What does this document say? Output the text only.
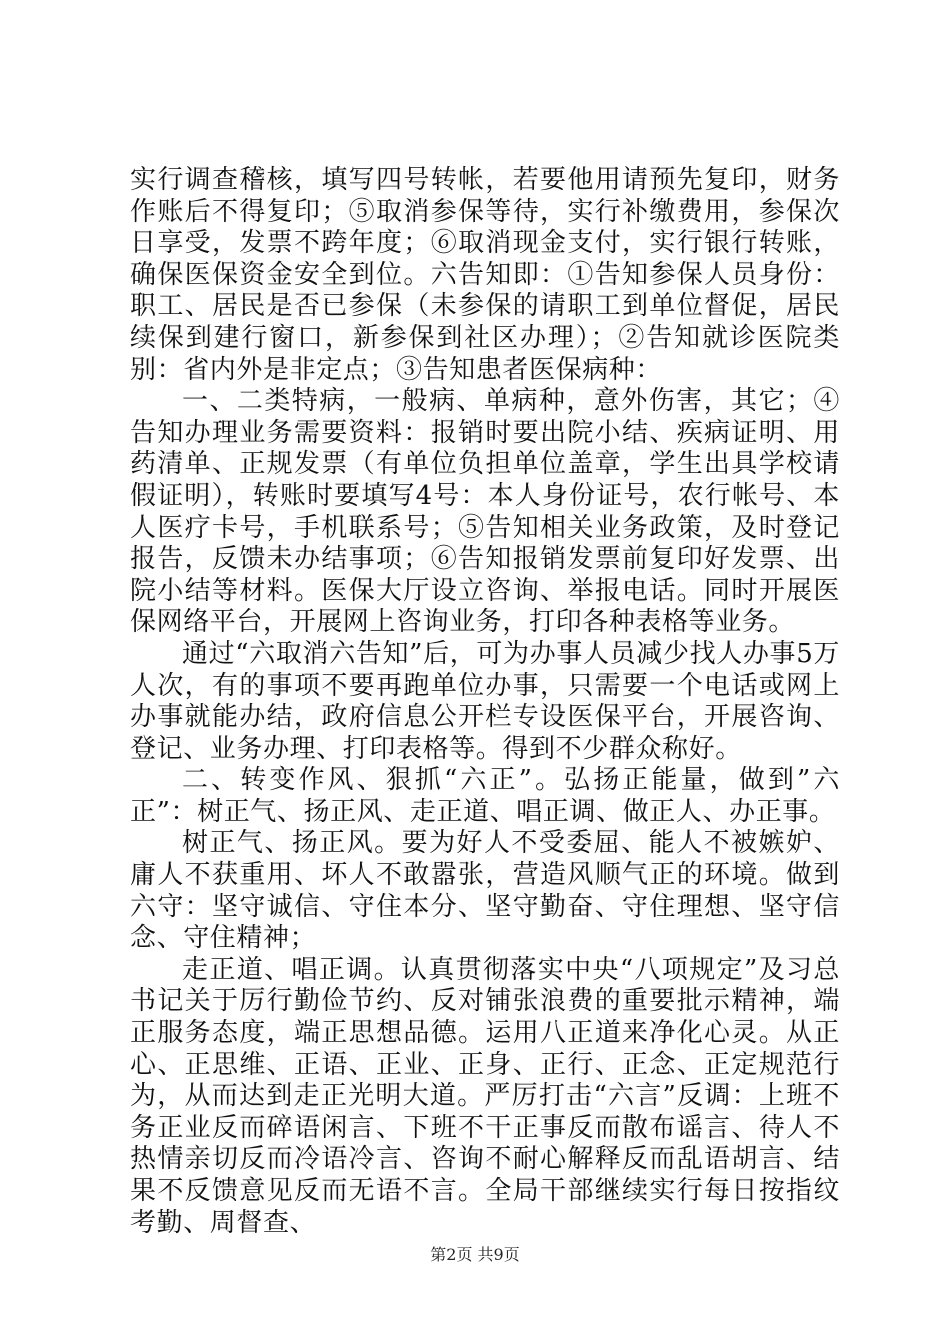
实行调查稽核，填写四号转帐，若要他用请预先复印，财务作账后不得复印；⑤取消参保等待，实行补缴费用，参保次日享受，发票不跨年度；⑥取消现金支付，实行银行转账，确保医保资金安全到位。六告知即：①告知参保人员身份：职工、居民是否已参保（未参保的请职工到单位督促，居民续保到建行窗口，新参保到社区办理）；②告知就诊医院类别：省内外是非定点；③告知患者医保病种：

一、二类特病，一般病、单病种，意外伤害，其它；④告知办理业务需要资料：报销时要出院小结、疾病证明、用药清单、正规发票（有单位负担单位盖章，学生出具学校请假证明），转账时要填写4号：本人身份证号，农行帐号、本人医疗卡号，手机联系号；⑤告知相关业务政策，及时登记报告，反馈未办结事项；⑥告知报销发票前复印好发票、出院小结等材料。医保大厅设立咨询、举报电话。同时开展医保网络平台，开展网上咨询业务，打印各种表格等业务。

通过“六取消六告知”后，可为办事人员减少找人办事5万人次，有的事项不要再跑单位办事，只需要一个电话或网上办事就能办结，政府信息公开栏专设医保平台，开展咨询、登记、业务办理、打印表格等。得到不少群众称好。

二、转变作风、狠抓“六正”。弘扬正能量，做到”六正”：树正气、扬正风、走正道、唱正调、做正人、办正事。

树正气、扬正风。要为好人不受委屈、能人不被嫉妒、庸人不获重用、坏人不敢嚣张，营造风顺气正的环境。做到六守：坚守诚信、守住本分、坚守勤奋、守住理想、坚守信念、守住精神；

走正道、唱正调。认真贯彻落实中央“八项规定”及习总书记关于厉行勤俭节约、反对铺张浪费的重要批示精神，端正服务态度，端正思想品德。运用八正道来净化心灵。从正心、正思维、正语、正业、正身、正行、正念、正定规范行为，从而达到走正光明大道。严厉打击“六言”反调：上班不务正业反而碎语闲言、下班不干正事反而散布谣言、待人不热情亲切反而冷语冷言、咨询不耐心解释反而乱语胡言、结果不反馈意见反而无语不言。全局干部继续实行每日按指纹考勤、周督查、

第2页 共9页
